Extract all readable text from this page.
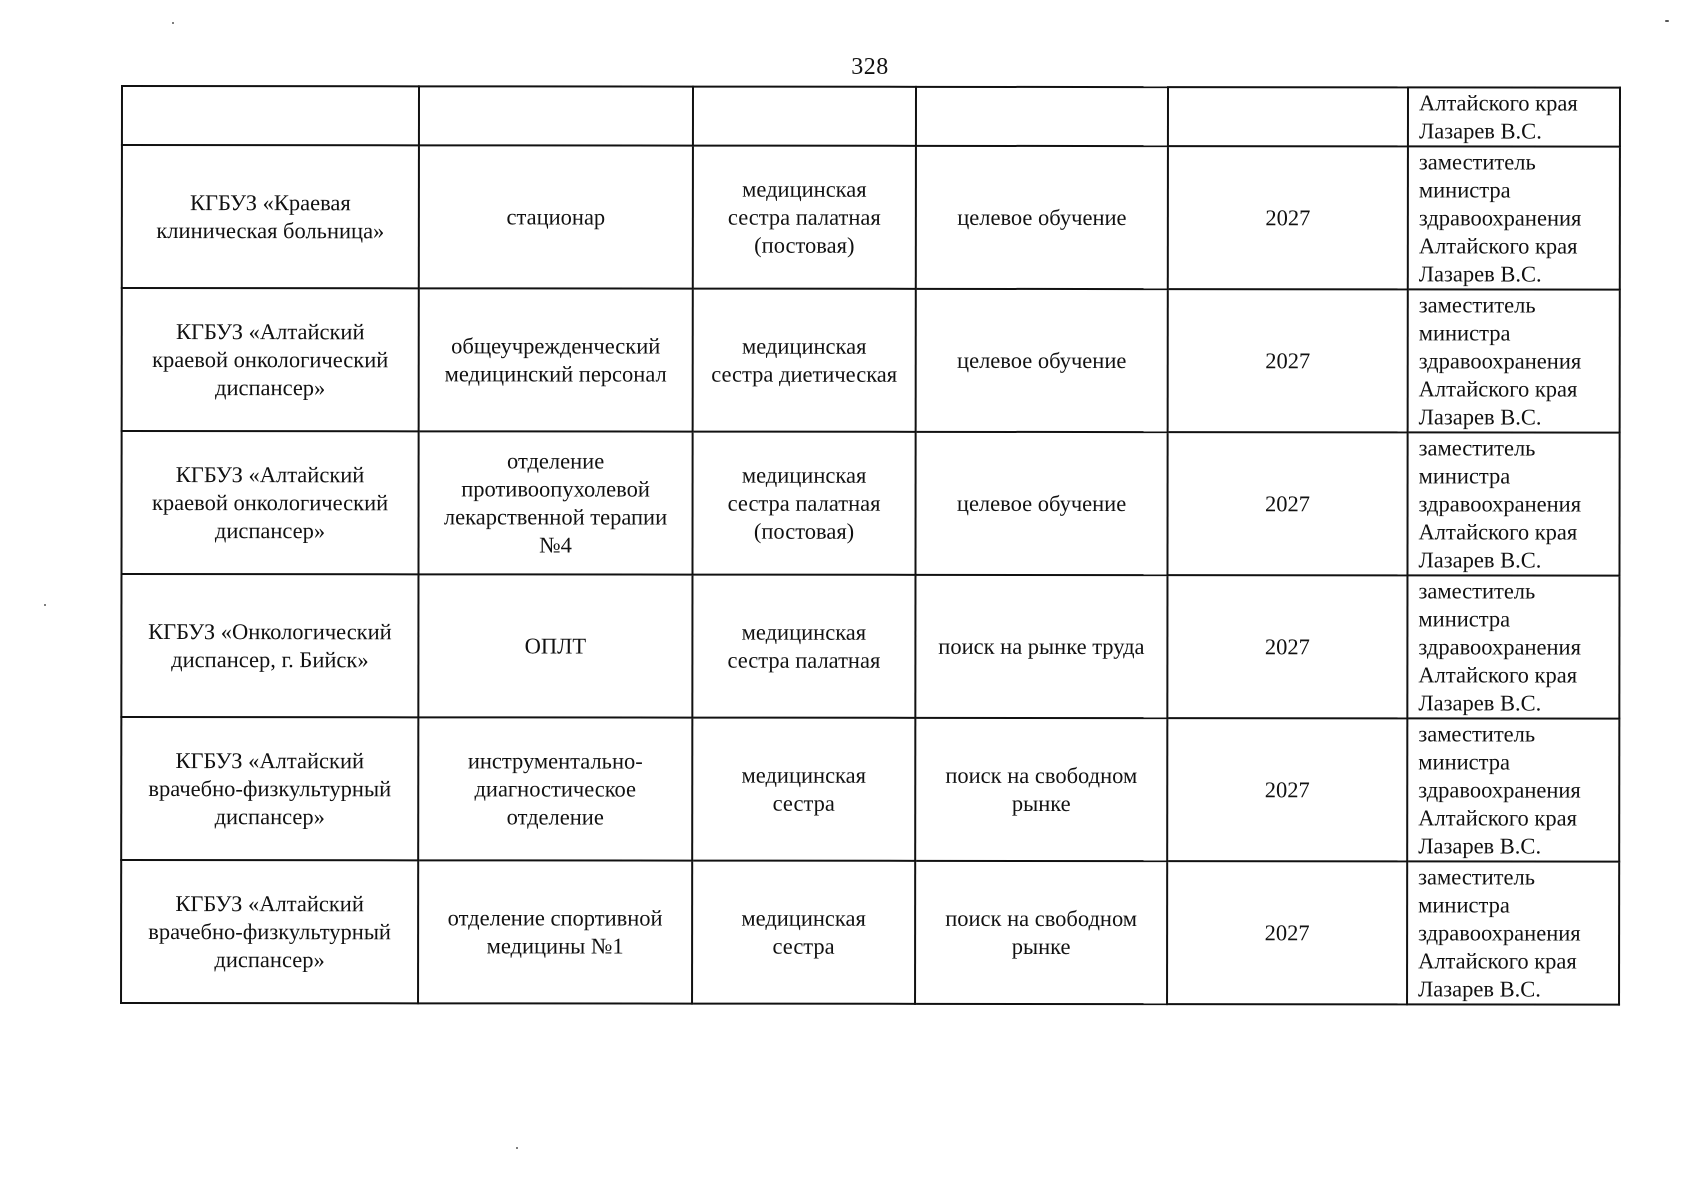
328

					Алтайского края
Лазарев В.С.

КГБУЗ «Краевая
клиническая больница»	стационар	медицинская
сестра палатная
(постовая)	целевое обучение	2027	заместитель
министра
здравоохранения
Алтайского края
Лазарев В.С.

КГБУЗ «Алтайский
краевой онкологический
диспансер»	общеучрежденческий
медицинский персонал	медицинская
сестра диетическая	целевое обучение	2027	заместитель
министра
здравоохранения
Алтайского края
Лазарев В.С.

КГБУЗ «Алтайский
краевой онкологический
диспансер»	отделение
противоопухолевой
лекарственной терапии
№4	медицинская
сестра палатная
(постовая)	целевое обучение	2027	заместитель
министра
здравоохранения
Алтайского края
Лазарев В.С.

КГБУЗ «Онкологический
диспансер, г. Бийск»	ОПЛТ	медицинская
сестра палатная	поиск на рынке труда	2027	заместитель
министра
здравоохранения
Алтайского края
Лазарев В.С.

КГБУЗ «Алтайский
врачебно-физкультурный
диспансер»	инструментально-
диагностическое
отделение	медицинская
сестра	поиск на свободном
рынке	2027	заместитель
министра
здравоохранения
Алтайского края
Лазарев В.С.

КГБУЗ «Алтайский
врачебно-физкультурный
диспансер»	отделение спортивной
медицины №1	медицинская
сестра	поиск на свободном
рынке	2027	заместитель
министра
здравоохранения
Алтайского края
Лазарев В.С.
